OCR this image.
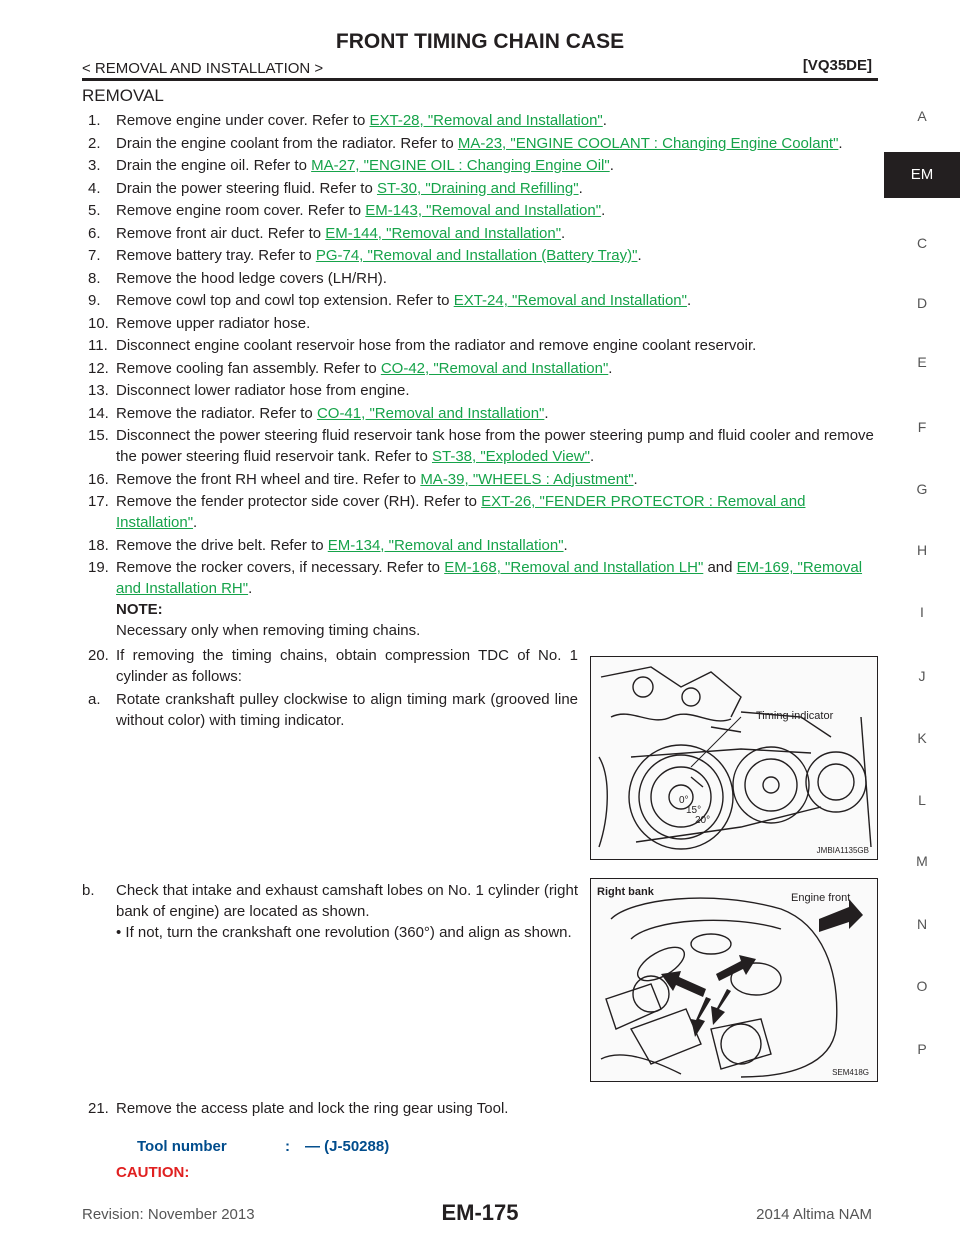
FRONT TIMING CHAIN CASE
< REMOVAL AND INSTALLATION >	[VQ35DE]
REMOVAL
A
C
D
E
F
G
H
I
J
K
L
M
N
O
P
EM
1.	Remove engine under cover. Refer to EXT-28, "Removal and Installation".
2.	Drain the engine coolant from the radiator. Refer to MA-23, "ENGINE COOLANT : Changing Engine Coolant".
3.	Drain the engine oil. Refer to MA-27, "ENGINE OIL : Changing Engine Oil".
4.	Drain the power steering fluid. Refer to ST-30, "Draining and Refilling".
5.	Remove engine room cover. Refer to EM-143, "Removal and Installation".
6.	Remove front air duct. Refer to EM-144, "Removal and Installation".
7.	Remove battery tray. Refer to PG-74, "Removal and Installation (Battery Tray)".
8.	Remove the hood ledge covers (LH/RH).
9.	Remove cowl top and cowl top extension. Refer to EXT-24, "Removal and Installation".
10. Remove upper radiator hose.
11. Disconnect engine coolant reservoir hose from the radiator and remove engine coolant reservoir.
12. Remove cooling fan assembly. Refer to CO-42, "Removal and Installation".
13. Disconnect lower radiator hose from engine.
14. Remove the radiator. Refer to CO-41, "Removal and Installation".
15. Disconnect the power steering fluid reservoir tank hose from the power steering pump and fluid cooler and remove the power steering fluid reservoir tank. Refer to ST-38, "Exploded View".
16. Remove the front RH wheel and tire. Refer to MA-39, "WHEELS : Adjustment".
17. Remove the fender protector side cover (RH). Refer to EXT-26, "FENDER PROTECTOR : Removal and Installation".
18. Remove the drive belt. Refer to EM-134, "Removal and Installation".
19. Remove the rocker covers, if necessary. Refer to EM-168, "Removal and Installation LH" and EM-169, "Removal and Installation RH".
NOTE:
Necessary only when removing timing chains.
20. If removing the timing chains, obtain compression TDC of No. 1 cylinder as follows:
a.	Rotate crankshaft pulley clockwise to align timing mark (grooved line without color) with timing indicator.
b. Check that intake and exhaust camshaft lobes on No. 1 cylinder (right bank of engine) are located as shown.
• If not, turn the crankshaft one revolution (360°) and align as shown.
21. Remove the access plate and lock the ring gear using Tool.
Timing indicator
0°
15°
20°
JMBIA1135GB
Right bank	Engine front
SEM418G
Tool number	: — (J-50288)
CAUTION:
Revision: November 2013	EM-175	2014 Altima NAM
